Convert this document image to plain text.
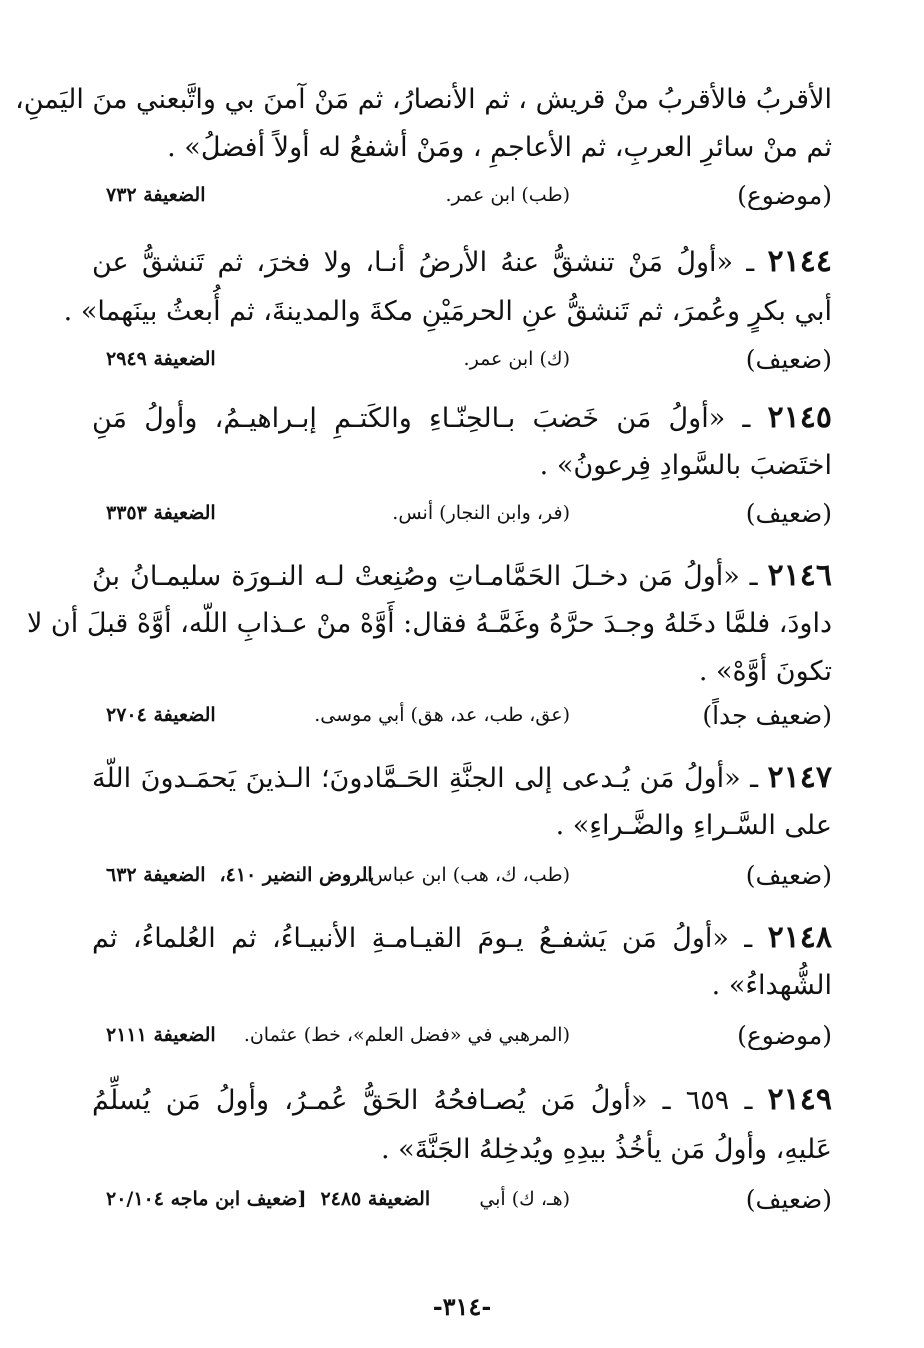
الأقربُ فالأقربُ منْ قريش ، ثم الأنصارُ، ثم مَنْ آمنَ بي واتَّبعني منَ اليَمنِ،
ثم منْ سائرِ العربِ، ثم الأعاجمِ ، ومَنْ أشفعُ له أولاً أفضلُ» .
(موضوع)
(طب) ابن عمر.
الضعيفة ٧٣٢
٢١٤٤ ـ «أولُ مَنْ تنشقُّ عنهُ الأرضُ أنـا، ولا فخرَ، ثم تَنشقُّ عن
أبي بكرٍ وعُمرَ، ثم تَنشقُّ عنِ الحرمَيْنِ مكةَ والمدينةَ، ثم أُبعثُ بينَهما» .
(ضعيف)
(ك) ابن عمر.
الضعيفة ٢٩٤٩
٢١٤٥ ـ «أولُ مَن خَضبَ بـالحِنّـاءِ والكَتـمِ إبـراهيـمُ، وأولُ مَنِ
اختَضبَ بالسَّوادِ فِرعونُ» .
(ضعيف)
(فر، وابن النجار) أنس.
الضعيفة ٣٣٥٣
٢١٤٦ ـ «أولُ مَن دخـلَ الحَمَّامـاتِ وصُنِعتْ لـه النـورَة سليمـانُ بنُ
داودَ، فلمَّا دخَلهُ وجـدَ حرَّهُ وغَمَّـهُ فقال: أَوَّهْ منْ عـذابِ اللّه، أوَّهْ قبلَ أن لا
تكونَ أوَّهْ» .
(ضعيف جداً)
(عق، طب، عد، هق) أبي موسى.
الضعيفة ٢٧٠٤
٢١٤٧ ـ «أولُ مَن يُـدعى إلى الجنَّةِ الحَـمَّادونَ؛ الـذينَ يَحمَـدونَ اللّهَ
على السَّـراءِ والضَّـراءِ» .
(ضعيف)
(طب، ك، هب) ابن عباس.
الروض النضير ٤١٠،الضعيفة ٦٣٢
٢١٤٨ ـ «أولُ مَن يَشفـعُ يـومَ القيـامـةِ الأنبيـاءُ، ثم العُلماءُ، ثم
الشُّهداءُ» .
(موضوع)
(المرهبي في «فضل العلم»، خط) عثمان.
الضعيفة ٢١١١
٢١٤٩ ـ ٦٥٩ ـ «أولُ مَن يُصـافحُهُ الحَقُّ عُمـرُ، وأولُ مَن يُسلِّمُ
عَليهِ، وأولُ مَن يأخُذُ بيدِهِ ويُدخِلهُ الجَنَّةَ» .
(ضعيف)
(هـ، ك) أبي
الضعيفة ٢٤٨٥[ضعيف ابن ماجه ٢٠/١٠٤
-٣١٤-
